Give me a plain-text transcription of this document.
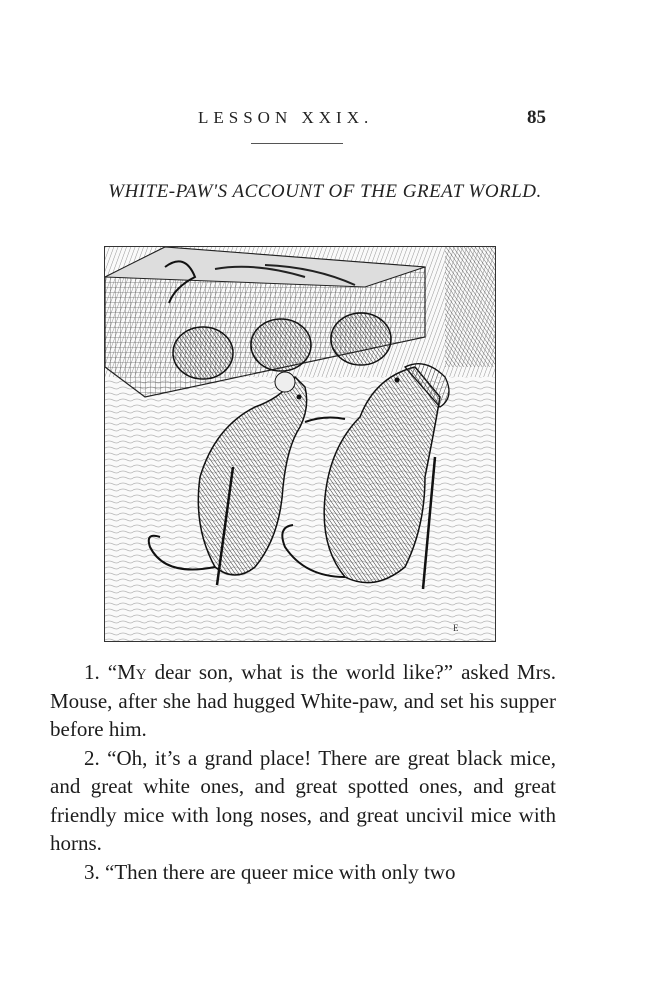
LESSON XXIX.	85
WHITE-PAW'S ACCOUNT OF THE GREAT WORLD.
E

1. “My dear son, what is the world like?” asked Mrs. Mouse, after she had hugged White-paw, and set his supper before him.

2. “Oh, it’s a grand place! There are great black mice, and great white ones, and great spotted ones, and great friendly mice with long noses, and great uncivil mice with horns.

3. “Then there are queer mice with only two
